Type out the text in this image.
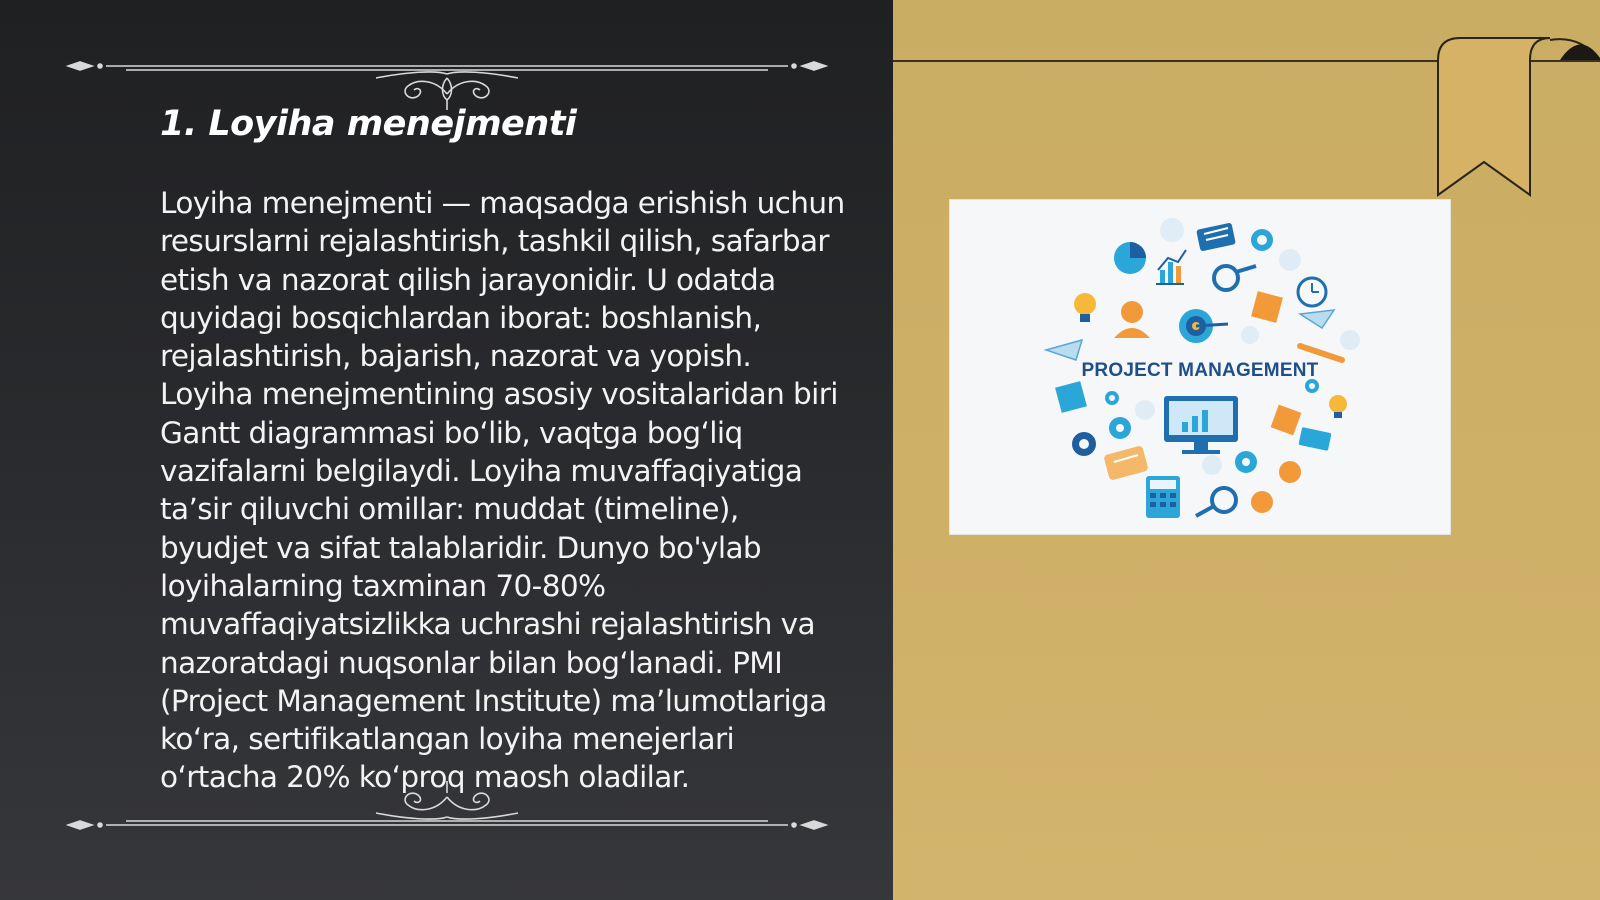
1. Loyiha menejmenti

Loyiha menejmenti — maqsadga erishish uchun resurslarni rejalashtirish, tashkil qilish, safarbar etish va nazorat qilish jarayonidir. U odatda quyidagi bosqichlardan iborat: boshlanish, rejalashtirish, bajarish, nazorat va yopish. Loyiha menejmentining asosiy vositalaridan biri Gantt diagrammasi bo‘lib, vaqtga bog‘liq vazifalarni belgilaydi. Loyiha muvaffaqiyatiga ta’sir qiluvchi omillar: muddat (timeline), byudjet va sifat talablaridir. Dunyo bo'ylab loyihalarning taxminan 70-80% muvaffaqiyatsizlikka uchrashi rejalashtirish va nazoratdagi nuqsonlar bilan bog‘lanadi. PMI (Project Management Institute) ma’lumotlariga ko‘ra, sertifikatlangan loyiha menejerlari o‘rtacha 20% ko‘proq maosh oladilar.

PROJECT MANAGEMENT
